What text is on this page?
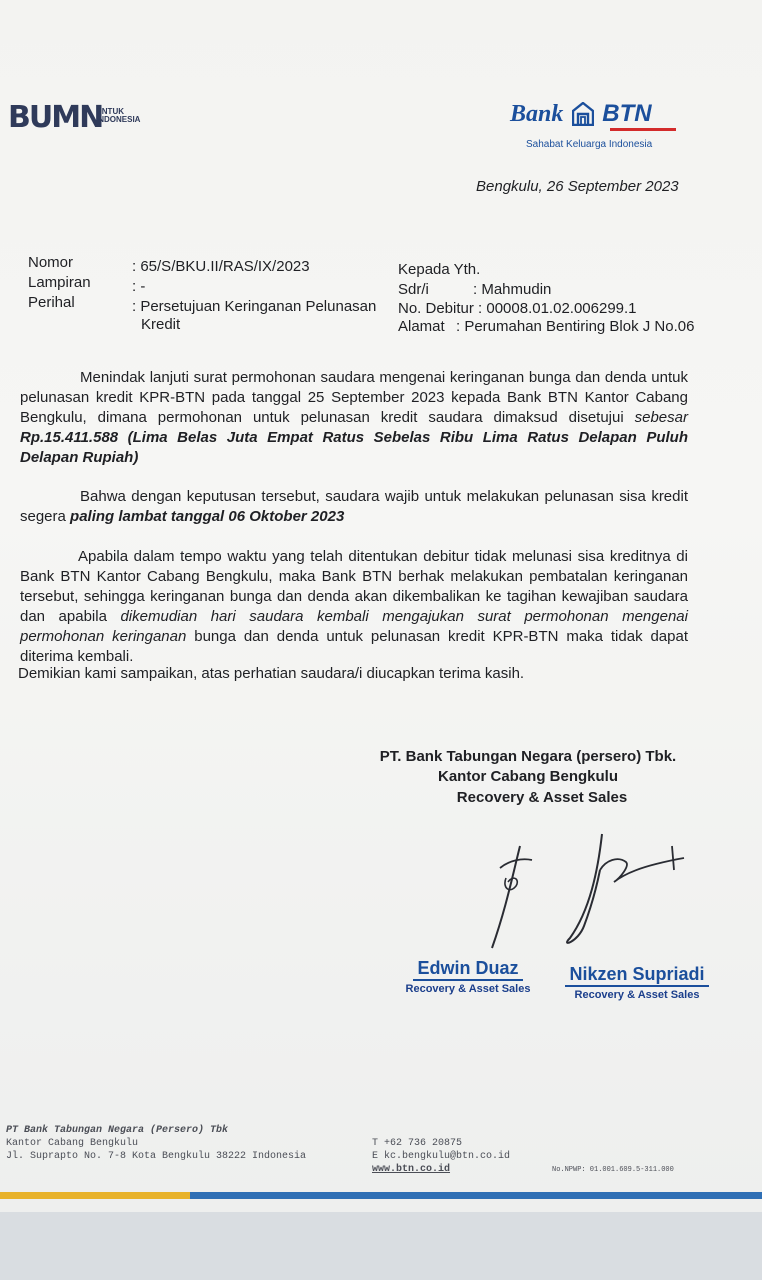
BUMN
UNTUK INDONESIA	Bank BTN
Sahabat Keluarga Indonesia
Bengkulu, 26 September 2023
Nomor	: 65/S/BKU.II/RAS/IX/2023
Lampiran	: -
Perihal	: Persetujuan Keringanan Pelunasan
Kredit
Kepada Yth.
Sdr/i	: Mahmudin
No. Debitur : 00008.01.02.006299.1
Alamat : Perumahan Bentiring Blok J No.06
Menindak lanjuti surat permohonan saudara mengenai keringanan bunga dan denda untuk pelunasan kredit KPR-BTN pada tanggal 25 September 2023 kepada Bank BTN Kantor Cabang Bengkulu, dimana permohonan untuk pelunasan kredit saudara dimaksud disetujui sebesar Rp.15.411.588 (Lima Belas Juta Empat Ratus Sebelas Ribu Lima Ratus Delapan Puluh Delapan Rupiah)
Bahwa dengan keputusan tersebut, saudara wajib untuk melakukan pelunasan sisa kredit segera paling lambat tanggal 06 Oktober 2023
Apabila dalam tempo waktu yang telah ditentukan debitur tidak melunasi sisa kreditnya di Bank BTN Kantor Cabang Bengkulu, maka Bank BTN berhak melakukan pembatalan keringanan tersebut, sehingga keringanan bunga dan denda akan dikembalikan ke tagihan kewajiban saudara dan apabila dikemudian hari saudara kembali mengajukan surat permohonan mengenai permohonan keringanan bunga dan denda untuk pelunasan kredit KPR-BTN maka tidak dapat diterima kembali.
Demikian kami sampaikan, atas perhatian saudara/i diucapkan terima kasih.
PT. Bank Tabungan Negara (persero) Tbk.
Kantor Cabang Bengkulu
Recovery & Asset Sales
Edwin Duaz
Recovery & Asset Sales
Nikzen Supriadi
Recovery & Asset Sales
PT Bank Tabungan Negara (Persero) Tbk
Kantor Cabang Bengkulu
Jl. Suprapto No. 7-8 Kota Bengkulu 38222 Indonesia
T +62 736 20875
E kc.bengkulu@btn.co.id
www.btn.co.id	No.NPWP: 01.001.609.5-311.000
